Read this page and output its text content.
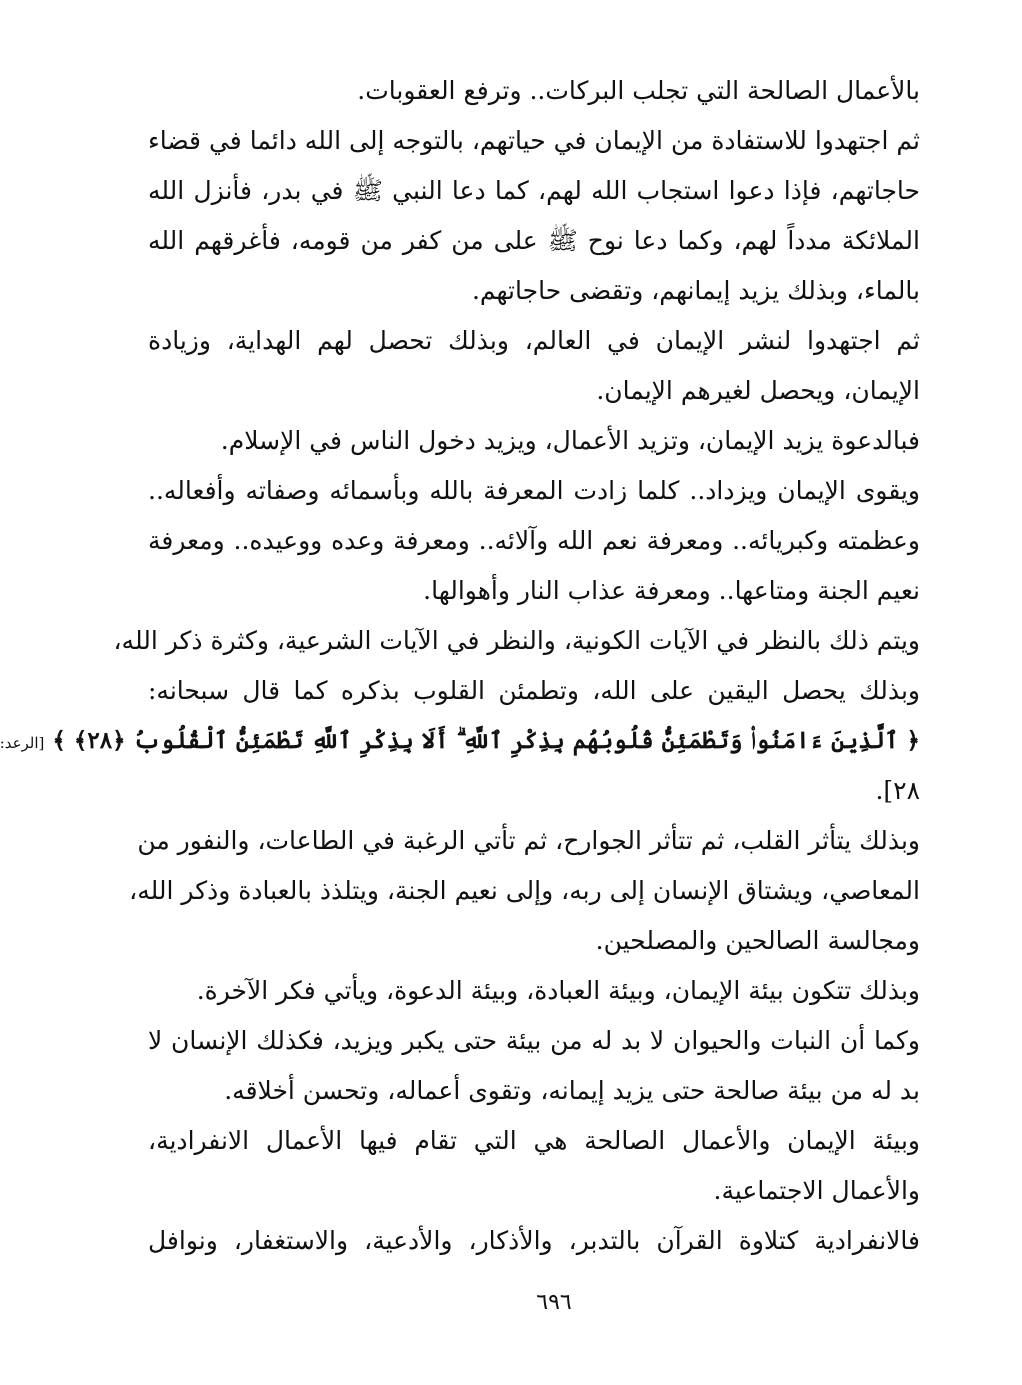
بالأعمال الصالحة التي تجلب البركات.. وترفع العقوبات.
ثم اجتهدوا للاستفادة من الإيمان في حياتهم، بالتوجه إلى الله دائما في قضاء
حاجاتهم، فإذا دعوا استجاب الله لهم، كما دعا النبي ﷺ في بدر، فأنزل الله
الملائكة مدداً لهم، وكما دعا نوح ﷺ على من كفر من قومه، فأغرقهم الله
بالماء، وبذلك يزيد إيمانهم، وتقضى حاجاتهم.
ثم اجتهدوا لنشر الإيمان في العالم، وبذلك تحصل لهم الهداية، وزيادة
الإيمان، ويحصل لغيرهم الإيمان.
فبالدعوة يزيد الإيمان، وتزيد الأعمال، ويزيد دخول الناس في الإسلام.
ويقوى الإيمان ويزداد.. كلما زادت المعرفة بالله وبأسمائه وصفاته وأفعاله..
وعظمته وكبريائه.. ومعرفة نعم الله وآلائه.. ومعرفة وعده ووعيده.. ومعرفة
نعيم الجنة ومتاعها.. ومعرفة عذاب النار وأهوالها.
ويتم ذلك بالنظر في الآيات الكونية، والنظر في الآيات الشرعية، وكثرة ذكر الله،
وبذلك يحصل اليقين على الله، وتطمئن القلوب بذكره كما قال سبحانه:
﴿ ٱلَّذِينَ ءَامَنُوا۟ وَتَطْمَئِنُّ قُلُوبُهُم بِذِكْرِ ٱللَّهِ ۗ أَلَا بِذِكْرِ ٱللَّهِ تَطْمَئِنُّ ٱلْقُلُوبُ ﴿٢٨﴾ ﴾ [الرعد:
٢٨].
وبذلك يتأثر القلب، ثم تتأثر الجوارح، ثم تأتي الرغبة في الطاعات، والنفور من
المعاصي، ويشتاق الإنسان إلى ربه، وإلى نعيم الجنة، ويتلذذ بالعبادة وذكر الله،
ومجالسة الصالحين والمصلحين.
وبذلك تتكون بيئة الإيمان، وبيئة العبادة، وبيئة الدعوة، ويأتي فكر الآخرة.
وكما أن النبات والحيوان لا بد له من بيئة حتى يكبر ويزيد، فكذلك الإنسان لا
بد له من بيئة صالحة حتى يزيد إيمانه، وتقوى أعماله، وتحسن أخلاقه.
وبيئة الإيمان والأعمال الصالحة هي التي تقام فيها الأعمال الانفرادية،
والأعمال الاجتماعية.
فالانفرادية كتلاوة القرآن بالتدبر، والأذكار، والأدعية، والاستغفار، ونوافل
٦٩٦
